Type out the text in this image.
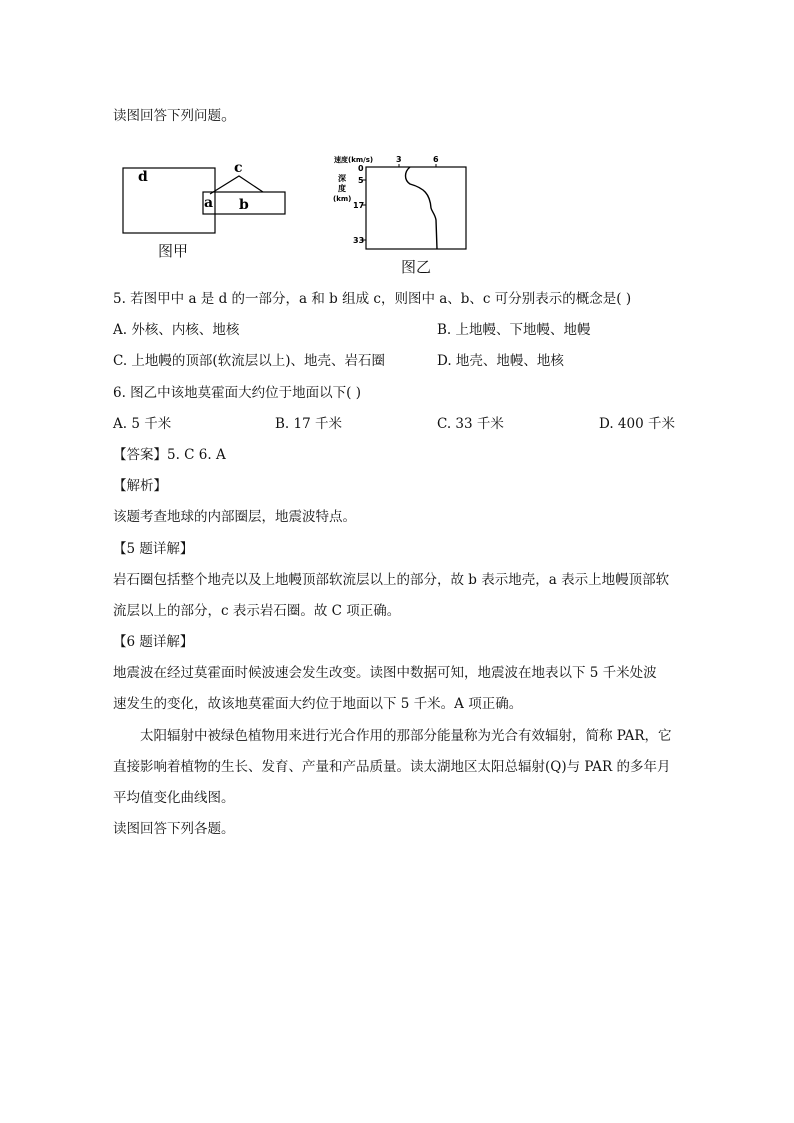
读图回答下列问题。
d
c
a b
图甲
速度(km/s)	3	6
0
5
17
33
深
度
(km)
图乙
5. 若图甲中 a 是 d 的一部分，a 和 b 组成 c，则图中 a、b、c 可分别表示的概念是( )
A. 外核、内核、地核	B. 上地幔、下地幔、地幔
C. 上地幔的顶部(软流层以上)、地壳、岩石圈	D. 地壳、地幔、地核
6. 图乙中该地莫霍面大约位于地面以下( )
A. 5 千米	B. 17 千米	C. 33 千米	D. 400 千米
【答案】5. C 6. A
【解析】
该题考查地球的内部圈层，地震波特点。
【5 题详解】
岩石圈包括整个地壳以及上地幔顶部软流层以上的部分，故 b 表示地壳，a 表示上地幔顶部软
流层以上的部分，c 表示岩石圈。故 C 项正确。
【6 题详解】
地震波在经过莫霍面时候波速会发生改变。读图中数据可知，地震波在地表以下 5 千米处波
速发生的变化，故该地莫霍面大约位于地面以下 5 千米。A 项正确。
太阳辐射中被绿色植物用来进行光合作用的那部分能量称为光合有效辐射，简称 PAR，它
直接影响着植物的生长、发育、产量和产品质量。读太湖地区太阳总辐射(Q)与 PAR 的多年月
平均值变化曲线图。
读图回答下列各题。
